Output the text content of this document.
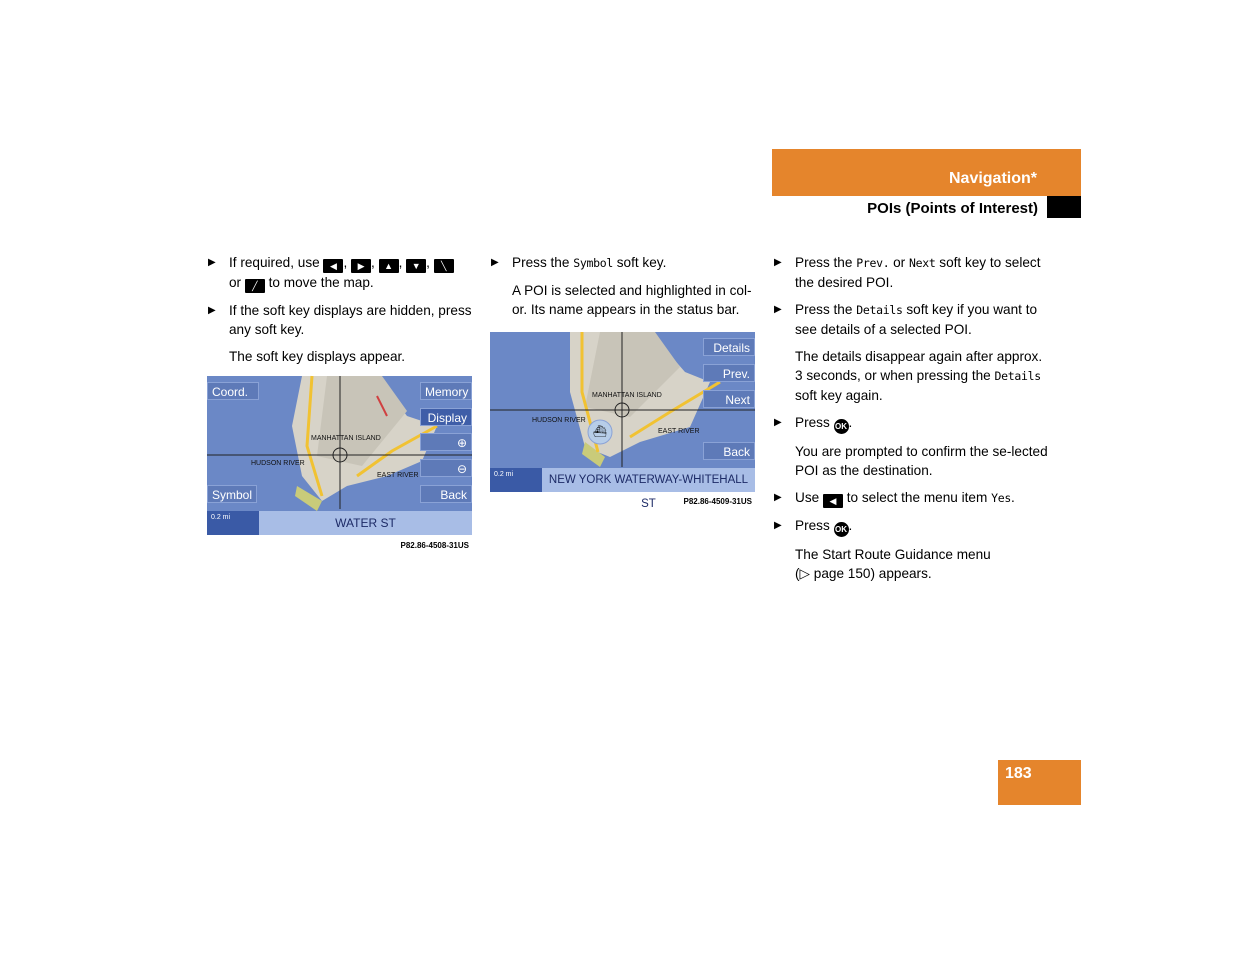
Navigation*
POIs (Points of Interest)
▶ If required, use ◀ , ▶ , ▲ , ▼ , ╲
or ╱ to move the map.
▶ If the soft key displays are hidden, press any soft key.
The soft key displays appear.
Coord.
Symbol
Memory
Display
⊕
⊖
Back
MANHATTAN ISLAND
HUDSON RIVER
EAST RIVER
0.2 mi	WATER ST
P82.86-4508-31US
▶ Press the Symbol soft key.
A POI is selected and highlighted in col-or. Its name appears in the status bar.
Details
Prev.
Next
Back
MANHATTAN ISLAND
HUDSON RIVER
EAST RIVER
⛴
0.2 mi	NEW YORK WATERWAY-WHITEHALL ST	P82.86-4509-31US
▶ Press the Prev. or Next soft key to select the desired POI.
▶ Press the Details soft key if you want to see details of a selected POI.
The details disappear again after approx. 3 seconds, or when pressing the Details soft key again.
▶ Press OK .
You are prompted to confirm the se-lected POI as the destination.
▶ Use ◀ to select the menu item Yes.
▶ Press OK .
The Start Route Guidance menu
(▷ page 150) appears.
183
